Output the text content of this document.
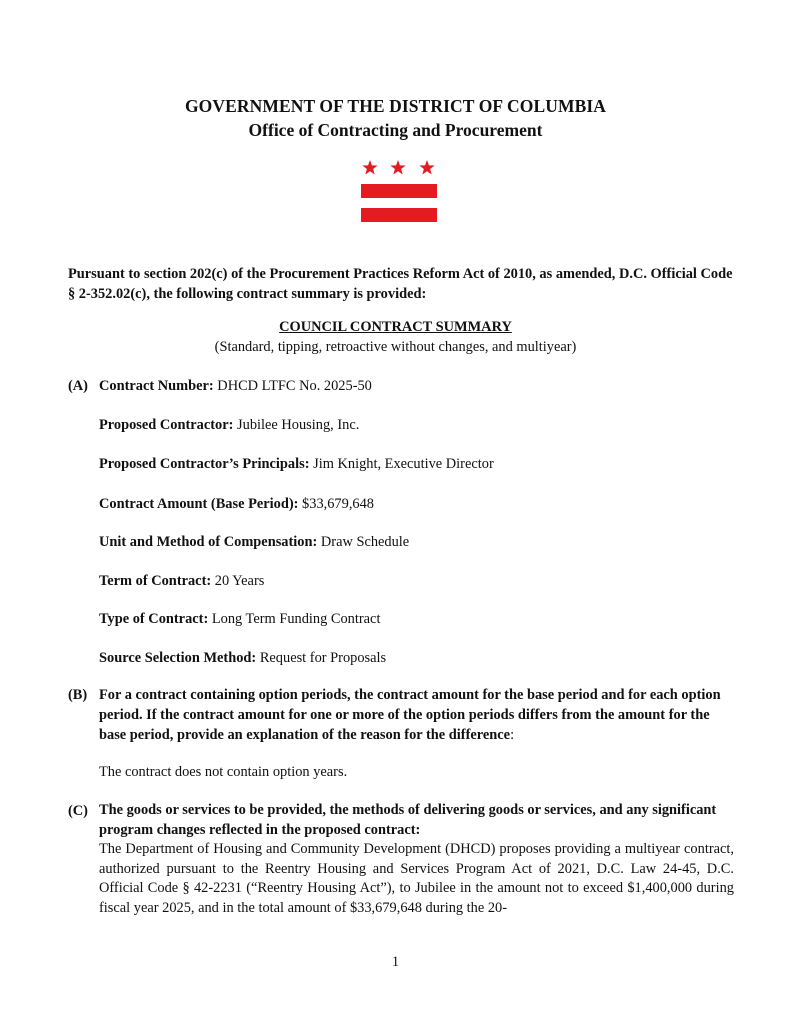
GOVERNMENT OF THE DISTRICT OF COLUMBIA
Office of Contracting and Procurement
Pursuant to section 202(c) of the Procurement Practices Reform Act of 2010, as amended, D.C. Official Code § 2-352.02(c), the following contract summary is provided:
COUNCIL CONTRACT SUMMARY
(Standard, tipping, retroactive without changes, and multiyear)
(A) Contract Number: DHCD LTFC No. 2025-50
Proposed Contractor: Jubilee Housing, Inc.
Proposed Contractor’s Principals: Jim Knight, Executive Director
Contract Amount (Base Period): $33,679,648
Unit and Method of Compensation: Draw Schedule
Term of Contract: 20 Years
Type of Contract: Long Term Funding Contract
Source Selection Method: Request for Proposals
(B) For a contract containing option periods, the contract amount for the base period and for each option period. If the contract amount for one or more of the option periods differs from the amount for the base period, provide an explanation of the reason for the difference:
The contract does not contain option years.
(C) The goods or services to be provided, the methods of delivering goods or services, and any significant program changes reflected in the proposed contract:
The Department of Housing and Community Development (DHCD) proposes providing a multiyear contract, authorized pursuant to the Reentry Housing and Services Program Act of 2021, D.C. Law 24-45, D.C. Official Code § 42-2231 (“Reentry Housing Act”), to Jubilee in the amount not to exceed $1,400,000 during fiscal year 2025, and in the total amount of $33,679,648 during the 20-
1
